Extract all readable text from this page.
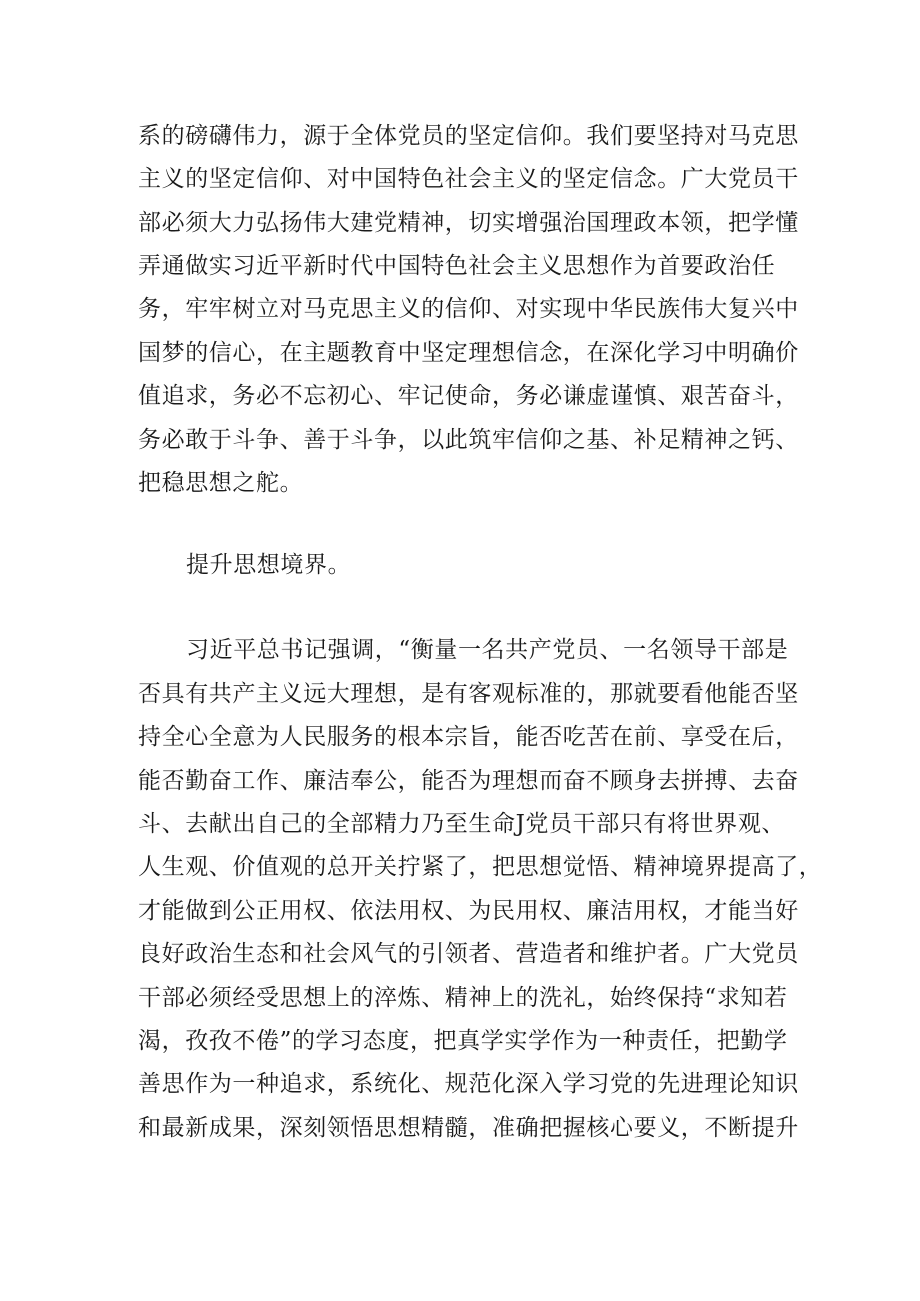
系的磅礴伟力，源于全体党员的坚定信仰。我们要坚持对马克思
主义的坚定信仰、对中国特色社会主义的坚定信念。广大党员干
部必须大力弘扬伟大建党精神，切实增强治国理政本领，把学懂
弄通做实习近平新时代中国特色社会主义思想作为首要政治任
务，牢牢树立对马克思主义的信仰、对实现中华民族伟大复兴中
国梦的信心，在主题教育中坚定理想信念，在深化学习中明确价
值追求，务必不忘初心、牢记使命，务必谦虚谨慎、艰苦奋斗，
务必敢于斗争、善于斗争，以此筑牢信仰之基、补足精神之钙、
把稳思想之舵。
提升思想境界。
习近平总书记强调，“衡量一名共产党员、一名领导干部是
否具有共产主义远大理想，是有客观标准的，那就要看他能否坚
持全心全意为人民服务的根本宗旨，能否吃苦在前、享受在后，
能否勤奋工作、廉洁奉公，能否为理想而奋不顾身去拼搏、去奋
斗、去献出自己的全部精力乃至生命J党员干部只有将世界观、
人生观、价值观的总开关拧紧了，把思想觉悟、精神境界提高了，
才能做到公正用权、依法用权、为民用权、廉洁用权，才能当好
良好政治生态和社会风气的引领者、营造者和维护者。广大党员
干部必须经受思想上的淬炼、精神上的洗礼，始终保持“求知若
渴，孜孜不倦”的学习态度，把真学实学作为一种责任，把勤学
善思作为一种追求，系统化、规范化深入学习党的先进理论知识
和最新成果，深刻领悟思想精髓，准确把握核心要义，不断提升
